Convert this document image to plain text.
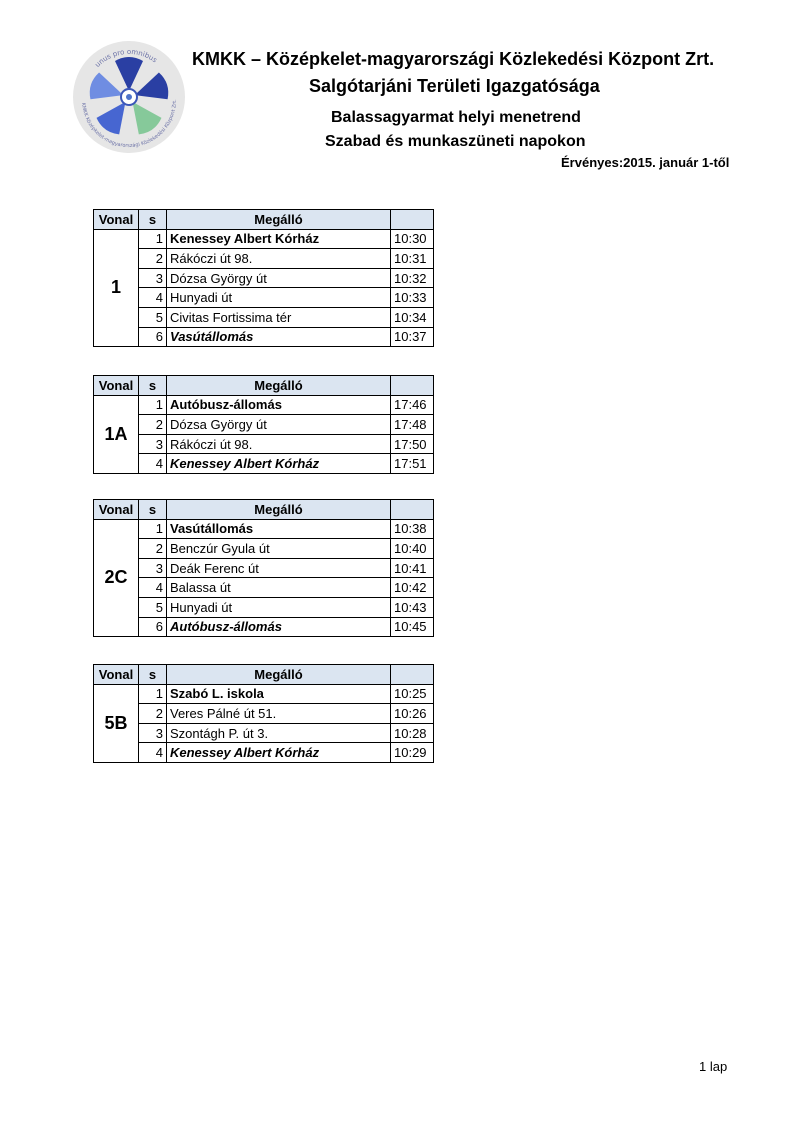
unus pro omnibus
KMKK Középkelet-magyarországi Közlekedési Központ Zrt.
KMKK – Középkelet-magyarországi Közlekedési Központ Zrt.
Salgótarjáni Területi Igazgatósága
Balassagyarmat helyi menetrend
Szabad és munkaszüneti napokon
Érvényes:2015. január 1-től
Vonal	s	Megálló	
1	1	Kenessey Albert Kórház	10:30
	2	Rákóczi út 98.	10:31
	3	Dózsa György út	10:32
	4	Hunyadi út	10:33
	5	Civitas Fortissima tér	10:34
	6	Vasútállomás	10:37
Vonal	s	Megálló	
1A	1	Autóbusz-állomás	17:46
	2	Dózsa György út	17:48
	3	Rákóczi út 98.	17:50
	4	Kenessey Albert Kórház	17:51
Vonal	s	Megálló	
2C	1	Vasútállomás	10:38
	2	Benczúr Gyula út	10:40
	3	Deák Ferenc út	10:41
	4	Balassa út	10:42
	5	Hunyadi út	10:43
	6	Autóbusz-állomás	10:45
Vonal	s	Megálló	
5B	1	Szabó L. iskola	10:25
	2	Veres Pálné út 51.	10:26
	3	Szontágh P. út 3.	10:28
	4	Kenessey Albert Kórház	10:29
1 lap
